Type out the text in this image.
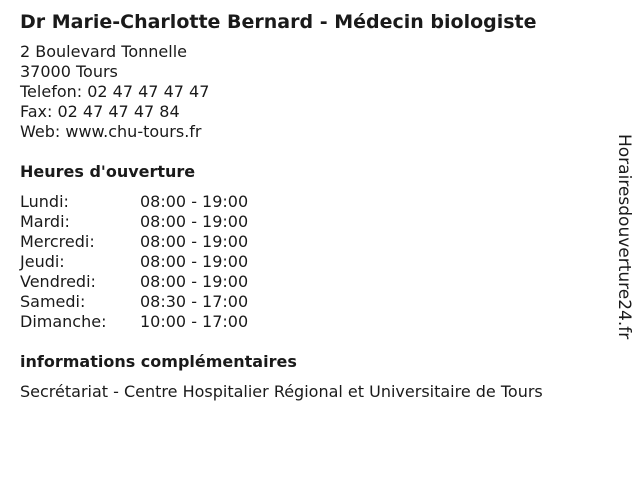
Dr Marie-Charlotte Bernard - Médecin biologiste
2 Boulevard Tonnelle
37000 Tours
Telefon: 02 47 47 47 47
Fax: 02 47 47 47 84
Web: www.chu-tours.fr
Heures d'ouverture
Lundi:	08:00 - 19:00
Mardi:	08:00 - 19:00
Mercredi:	08:00 - 19:00
Jeudi:	08:00 - 19:00
Vendredi:	08:00 - 19:00
Samedi:	08:30 - 17:00
Dimanche:	10:00 - 17:00
informations complémentaires
Secrétariat - Centre Hospitalier Régional et Universitaire de Tours
Horairesdouverture24.fr
